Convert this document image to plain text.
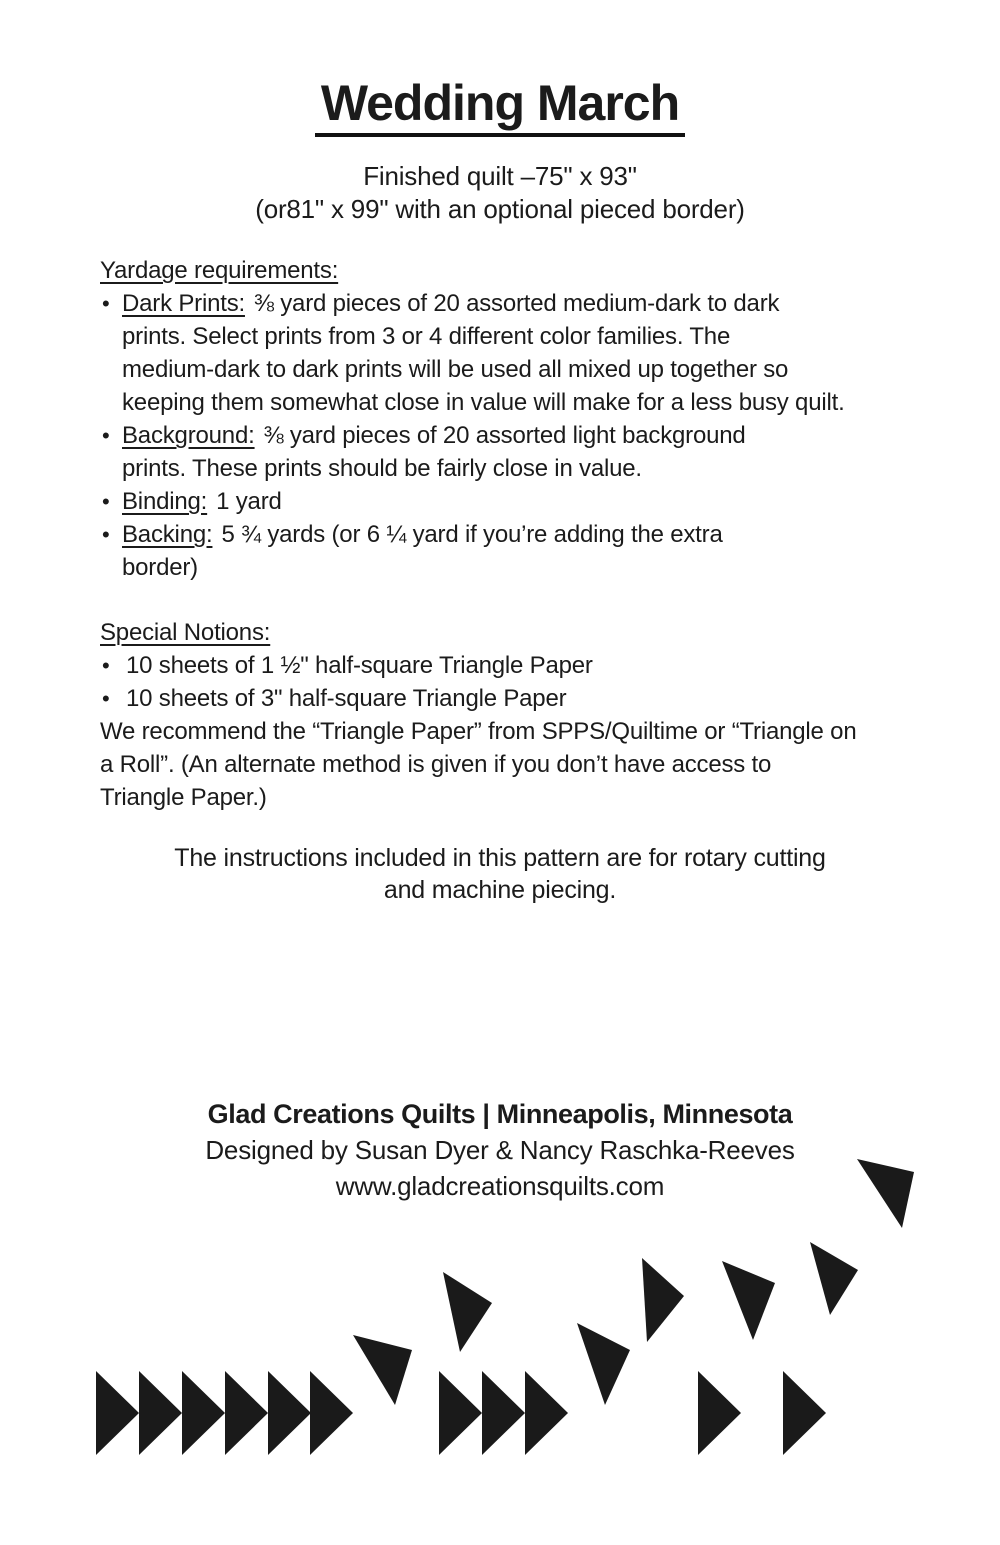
Wedding March
Finished quilt –75" x 93"
(or81" x 99" with an optional pieced border)
Yardage requirements:
• Dark Prints: ⅜ yard pieces of 20 assorted medium-dark to dark
prints. Select prints from 3 or 4 different color families. The
medium-dark to dark prints will be used all mixed up together so
keeping them somewhat close in value will make for a less busy quilt.
• Background: ⅜ yard pieces of 20 assorted light background
prints. These prints should be fairly close in value.
• Binding: 1 yard
• Backing: 5 ¾ yards (or 6 ¼ yard if you’re adding the extra
border)
Special Notions:
• 10 sheets of 1 ½" half-square Triangle Paper
• 10 sheets of 3" half-square Triangle Paper
We recommend the “Triangle Paper” from SPPS/Quiltime or “Triangle on
a Roll”. (An alternate method is given if you don’t have access to
Triangle Paper.)
The instructions included in this pattern are for rotary cutting
and machine piecing.
Glad Creations Quilts | Minneapolis, Minnesota
Designed by Susan Dyer & Nancy Raschka-Reeves
www.gladcreationsquilts.com
